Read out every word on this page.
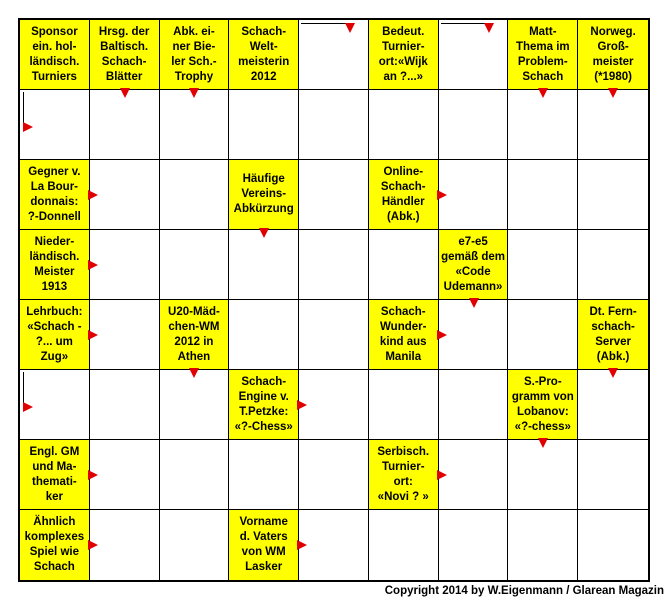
Sponsor
ein. hol-
ländisch.
Turniers
Hrsg. der
Baltisch.
Schach-
Blätter
Abk. ei-
ner Bie-
ler Sch.-
Trophy
Schach-
Welt-
meisterin
2012
Bedeut.
Turnier-
ort:«Wijk
an ?...»
Matt-
Thema im
Problem-
Schach
Norweg.
Groß-
meister
(*1980)
Gegner v.
La Bour-
donnais:
?-Donnell
Häufige
Vereins-
Abkürzung
Online-
Schach-
Händler
(Abk.)
Nieder-
ländisch.
Meister
1913
e7-e5
gemäß dem
«Code
Udemann»
Lehrbuch:
«Schach -
?... um
Zug»
U20-Mäd-
chen-WM
2012 in
Athen
Schach-
Wunder-
kind aus
Manila
Dt. Fern-
schach-
Server
(Abk.)
Schach-
Engine v.
T.Petzke:
«?-Chess»
S.-Pro-
gramm von
Lobanov:
«?-chess»
Engl. GM
und Ma-
themati-
ker
Serbisch.
Turnier-
ort:
«Novi ? »
Ähnlich
komplexes
Spiel wie
Schach
Vorname
d. Vaters
von WM
Lasker
Copyright 2014 by W.Eigenmann / Glarean Magazin
